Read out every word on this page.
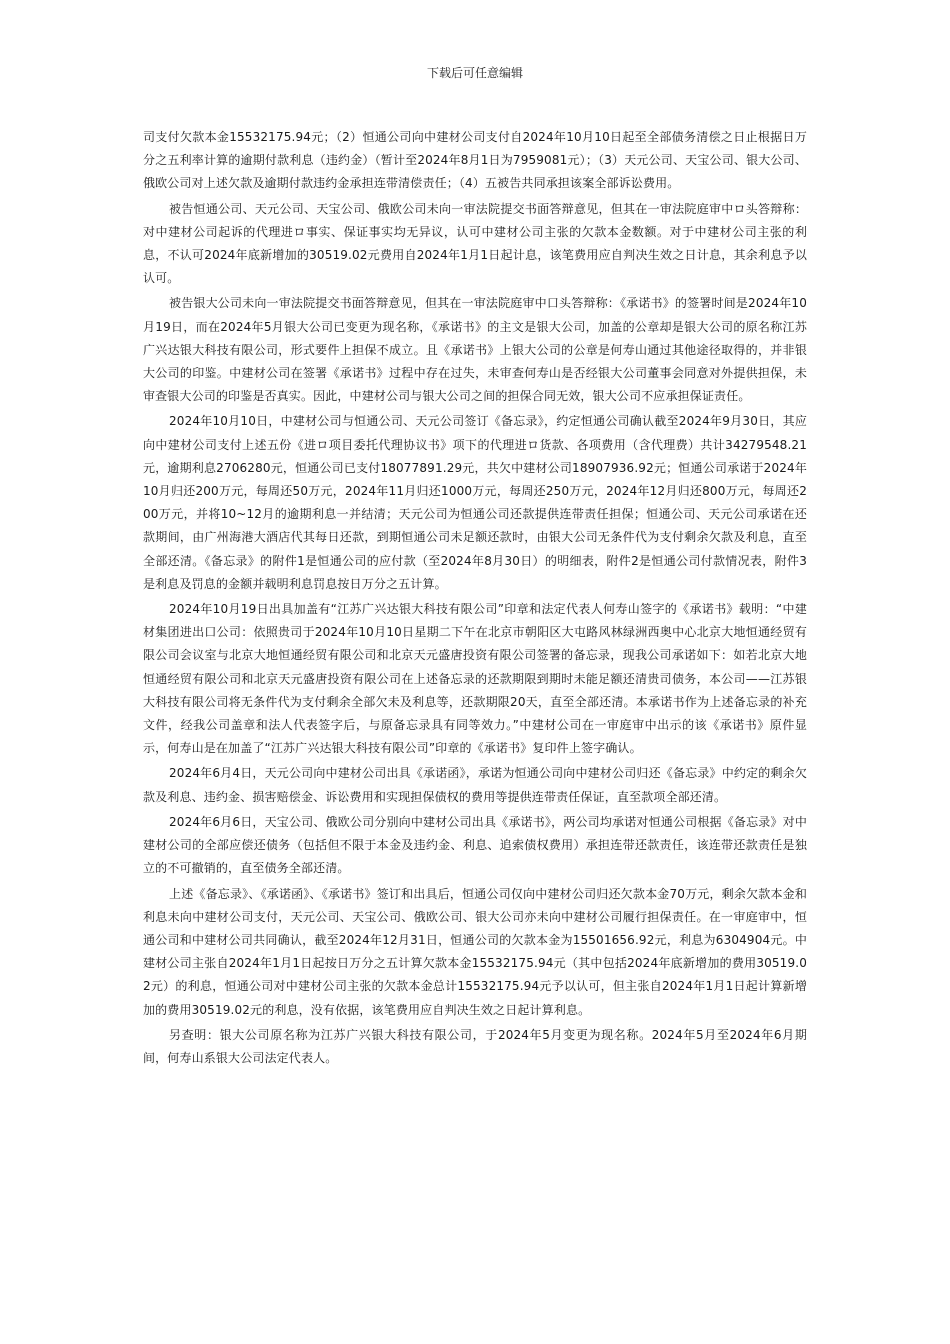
下载后可任意编辑

司支付欠款本金15532175.94元；（2）恒通公司向中建材公司支付自2024年10月10日起至全部债务清偿之日止根据日万分之五利率计算的逾期付款利息（违约金）（暂计至2024年8月1日为7959081元）；（3）天元公司、天宝公司、银大公司、俄欧公司对上述欠款及逾期付款违约金承担连带清偿责任；（4）五被告共同承担该案全部诉讼费用。

被告恒通公司、天元公司、天宝公司、俄欧公司未向一审法院提交书面答辩意见，但其在一审法院庭审中ロ头答辩称：对中建材公司起诉的代理进ロ事实、保证事实均无异议，认可中建材公司主张的欠款本金数额。对于中建材公司主张的利息，不认可2024年底新增加的30519.02元费用自2024年1月1日起计息，该笔费用应自判决生效之日计息，其余利息予以认可。

被告银大公司未向一审法院提交书面答辩意见，但其在一审法院庭审中口头答辩称：《承诺书》的签署时间是2024年10月19日，而在2024年5月银大公司已变更为现名称，《承诺书》的主文是银大公司，加盖的公章却是银大公司的原名称江苏广兴达银大科技有限公司，形式要件上担保不成立。且《承诺书》上银大公司的公章是何寿山通过其他途径取得的，并非银大公司的印鉴。中建材公司在签署《承诺书》过程中存在过失，未审查何寿山是否经银大公司董事会同意对外提供担保，未审查银大公司的印鉴是否真实。因此，中建材公司与银大公司之间的担保合同无效，银大公司不应承担保证责任。

2024年10月10日，中建材公司与恒通公司、天元公司签订《备忘录》，约定恒通公司确认截至2024年9月30日，其应向中建材公司支付上述五份《进ロ项目委托代理协议书》项下的代理进ロ货款、各项费用（含代理费）共计34279548.21元，逾期利息2706280元，恒通公司已支付18077891.29元，共欠中建材公司18907936.92元；恒通公司承诺于2024年10月归还200万元，每周还50万元，2024年11月归还1000万元，每周还250万元，2024年12月归还800万元，每周还200万元，并将10~12月的逾期利息一并结清；天元公司为恒通公司还款提供连带责任担保；恒通公司、天元公司承诺在还款期间，由广州海港大酒店代其每日还款，到期恒通公司未足额还款时，由银大公司无条件代为支付剩余欠款及利息，直至全部还清。《备忘录》的附件1是恒通公司的应付款（至2024年8月30日）的明细表，附件2是恒通公司付款情况表，附件3是利息及罚息的金额并载明利息罚息按日万分之五计算。

2024年10月19日出具加盖有“江苏广兴达银大科技有限公司”印章和法定代表人何寿山签字的《承诺书》载明：“中建材集团进出口公司：依照贵司于2024年10月10日星期二下午在北京市朝阳区大屯路风林绿洲西奥中心北京大地恒通经贸有限公司会议室与北京大地恒通经贸有限公司和北京天元盛唐投资有限公司签署的备忘录，现我公司承诺如下：如若北京大地恒通经贸有限公司和北京天元盛唐投资有限公司在上述备忘录的还款期限到期时未能足额还清贵司债务，本公司——江苏银大科技有限公司将无条件代为支付剩余全部欠未及利息等，还款期限20天，直至全部还清。本承诺书作为上述备忘录的补充文件，经我公司盖章和法人代表签字后，与原备忘录具有同等效力。”中建材公司在一审庭审中出示的该《承诺书》原件显示，何寿山是在加盖了“江苏广兴达银大科技有限公司”印章的《承诺书》复印件上签字确认。

2024年6月4日，天元公司向中建材公司出具《承诺函》，承诺为恒通公司向中建材公司归还《备忘录》中约定的剩余欠款及利息、违约金、损害赔偿金、诉讼费用和实现担保债权的费用等提供连带责任保证，直至款项全部还清。

2024年6月6日，天宝公司、俄欧公司分别向中建材公司出具《承诺书》，两公司均承诺对恒通公司根据《备忘录》对中建材公司的全部应偿还债务（包括但不限于本金及违约金、利息、追索债权费用）承担连带还款责任，该连带还款责任是独立的不可撤销的，直至债务全部还清。

上述《备忘录》、《承诺函》、《承诺书》签订和出具后，恒通公司仅向中建材公司归还欠款本金70万元，剩余欠款本金和利息未向中建材公司支付，天元公司、天宝公司、俄欧公司、银大公司亦未向中建材公司履行担保责任。在一审庭审中，恒通公司和中建材公司共同确认，截至2024年12月31日，恒通公司的欠款本金为15501656.92元，利息为6304904元。中建材公司主张自2024年1月1日起按日万分之五计算欠款本金15532175.94元（其中包括2024年底新增加的费用30519.02元）的利息，恒通公司对中建材公司主张的欠款本金总计15532175.94元予以认可，但主张自2024年1月1日起计算新增加的费用30519.02元的利息，没有依据，该笔费用应自判决生效之日起计算利息。

另查明：银大公司原名称为江苏广兴银大科技有限公司，于2024年5月变更为现名称。2024年5月至2024年6月期间，何寿山系银大公司法定代表人。
